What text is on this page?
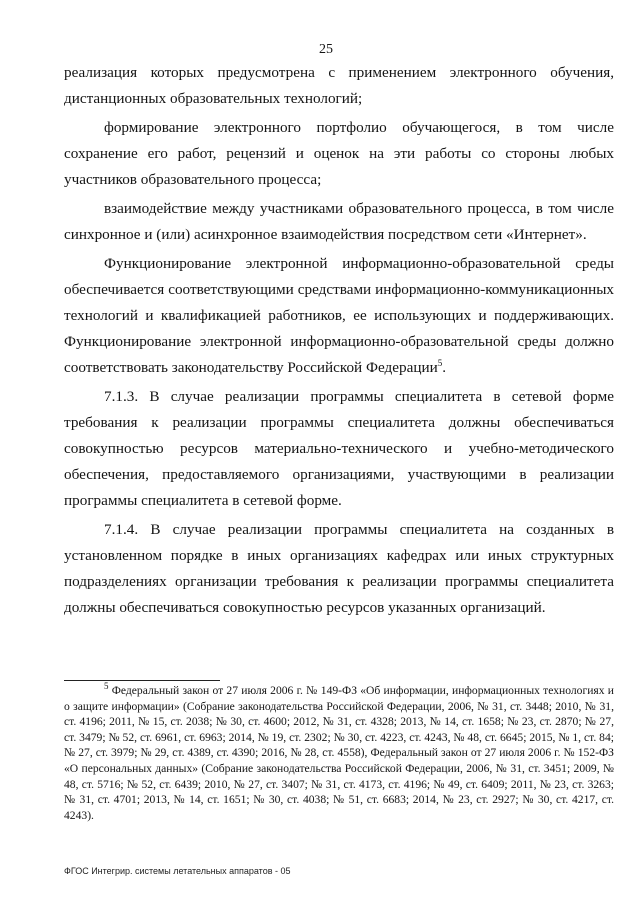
25

реализация которых предусмотрена с применением электронного обучения, дистанционных образовательных технологий;

формирование электронного портфолио обучающегося, в том числе сохранение его работ, рецензий и оценок на эти работы со стороны любых участников образовательного процесса;

взаимодействие между участниками образовательного процесса, в том числе синхронное и (или) асинхронное взаимодействия посредством сети «Интернет».

Функционирование электронной информационно-образовательной среды обеспечивается соответствующими средствами информационно-коммуникационных технологий и квалификацией работников, ее использующих и поддерживающих. Функционирование электронной информационно-образовательной среды должно соответствовать законодательству Российской Федерации$^5$.

7.1.3. В случае реализации программы специалитета в сетевой форме требования к реализации программы специалитета должны обеспечиваться совокупностью ресурсов материально-технического и учебно-методического обеспечения, предоставляемого организациями, участвующими в реализации программы специалитета в сетевой форме.

7.1.4. В случае реализации программы специалитета на созданных в установленном порядке в иных организациях кафедрах или иных структурных подразделениях организации требования к реализации программы специалитета должны обеспечиваться совокупностью ресурсов указанных организаций.

$^5$ Федеральный закон от 27 июля 2006 г. № 149-ФЗ «Об информации, информационных технологиях и о защите информации» (Собрание законодательства Российской Федерации, 2006, № 31, ст. 3448; 2010, № 31, ст. 4196; 2011, № 15, ст. 2038; № 30, ст. 4600; 2012, № 31, ст. 4328; 2013, № 14, ст. 1658; № 23, ст. 2870; № 27, ст. 3479; № 52, ст. 6961, ст. 6963; 2014, № 19, ст. 2302; № 30, ст. 4223, ст. 4243, № 48, ст. 6645; 2015, № 1, ст. 84; № 27, ст. 3979; № 29, ст. 4389, ст. 4390; 2016, № 28, ст. 4558), Федеральный закон от 27 июля 2006 г. № 152-ФЗ «О персональных данных» (Собрание законодательства Российской Федерации, 2006, № 31, ст. 3451; 2009, № 48, ст. 5716; № 52, ст. 6439; 2010, № 27, ст. 3407; № 31, ст. 4173, ст. 4196; № 49, ст. 6409; 2011, № 23, ст. 3263; № 31, ст. 4701; 2013, № 14, ст. 1651; № 30, ст. 4038; № 51, ст. 6683; 2014, № 23, ст. 2927; № 30, ст. 4217, ст. 4243).
ФГОС Интегрир. системы летательных аппаратов - 05
